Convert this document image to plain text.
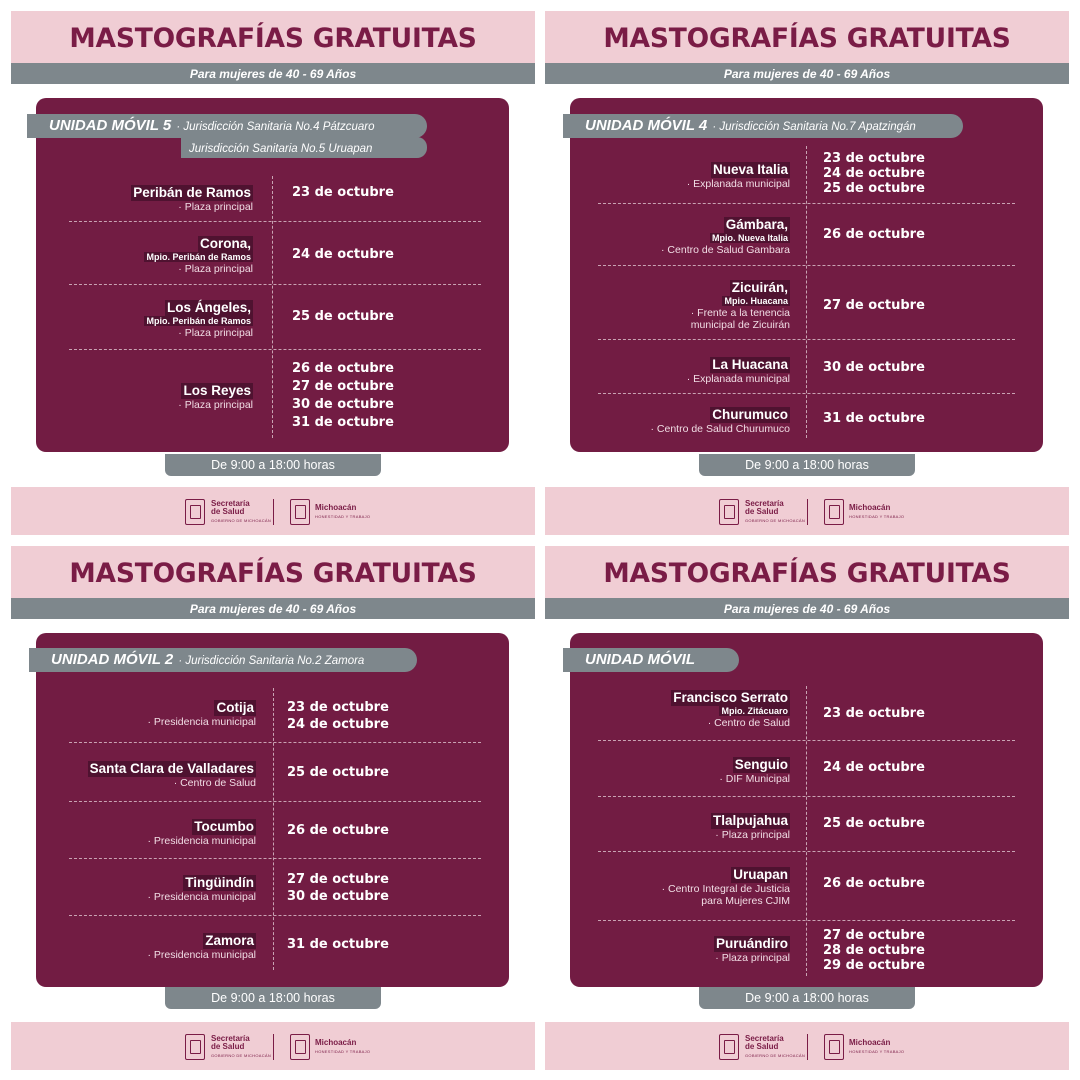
MASTOGRAFÍAS GRATUITAS
Para mujeres de 40 - 69 Años
UNIDAD MÓVIL 5 · Jurisdicción Sanitaria No.4 Pátzcuaro
Jurisdicción Sanitaria No.5 Uruapan
Peribán de Ramos
· Plaza principal
23 de octubre
Corona,
Mpio. Peribán de Ramos
· Plaza principal
24 de octubre
Los Ángeles,
Mpio. Peribán de Ramos
· Plaza principal
25 de octubre
Los Reyes
· Plaza principal
26 de octubre
27 de octubre
30 de octubre
31 de octubre
De 9:00 a 18:00 horas
Secretaría
de Salud
GOBIERNO DE MICHOACÁN
Michoacán
HONESTIDAD Y TRABAJO
MASTOGRAFÍAS GRATUITAS
Para mujeres de 40 - 69 Años
UNIDAD MÓVIL 4 · Jurisdicción Sanitaria No.7 Apatzingán
Nueva Italia
· Explanada municipal
23 de octubre
24 de octubre
25 de octubre
Gámbara,
Mpio. Nueva Italia
· Centro de Salud Gambara
26 de octubre
Zicuirán,
Mpio. Huacana
· Frente a la tenencia
municipal de Zicuirán
27 de octubre
La Huacana
· Explanada municipal
30 de octubre
Churumuco
· Centro de Salud Churumuco
31 de octubre
De 9:00 a 18:00 horas
Secretaría
de Salud
GOBIERNO DE MICHOACÁN
Michoacán
HONESTIDAD Y TRABAJO
MASTOGRAFÍAS GRATUITAS
Para mujeres de 40 - 69 Años
UNIDAD MÓVIL 2 · Jurisdicción Sanitaria No.2 Zamora
Cotija
· Presidencia municipal
23 de octubre
24 de octubre
Santa Clara de Valladares
· Centro de Salud
25 de octubre
Tocumbo
· Presidencia municipal
26 de octubre
Tingüindín
· Presidencia municipal
27 de octubre
30 de octubre
Zamora
· Presidencia municipal
31 de octubre
De 9:00 a 18:00 horas
Secretaría
de Salud
GOBIERNO DE MICHOACÁN
Michoacán
HONESTIDAD Y TRABAJO
MASTOGRAFÍAS GRATUITAS
Para mujeres de 40 - 69 Años
UNIDAD MÓVIL
Francisco Serrato
Mpio. Zitácuaro
· Centro de Salud
23 de octubre
Senguio
· DIF Municipal
24 de octubre
Tlalpujahua
· Plaza principal
25 de octubre
Uruapan
· Centro Integral de Justicia
para Mujeres CJIM
26 de octubre
Puruándiro
· Plaza principal
27 de octubre
28 de octubre
29 de octubre
De 9:00 a 18:00 horas
Secretaría
de Salud
GOBIERNO DE MICHOACÁN
Michoacán
HONESTIDAD Y TRABAJO
